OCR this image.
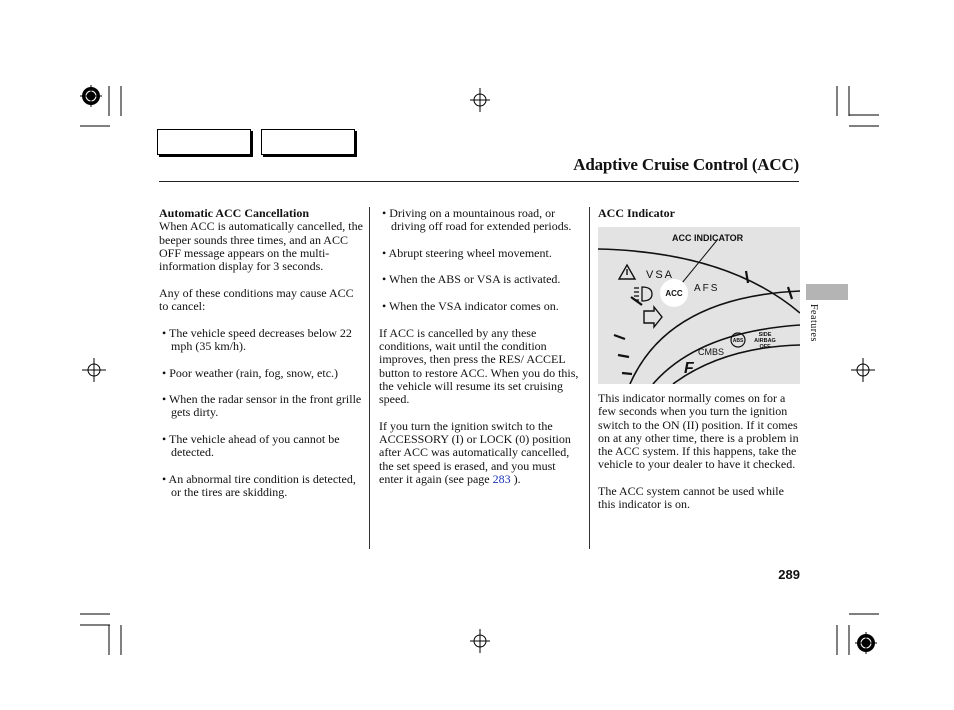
Adaptive Cruise Control (ACC)
Automatic ACC Cancellation

When ACC is automatically cancelled, the beeper sounds three times, and an ACC OFF message appears on the multi-information display for 3 seconds.

Any of these conditions may cause ACC to cancel:

• The vehicle speed decreases below 22 mph (35 km/h).
• Poor weather (rain, fog, snow, etc.)
• When the radar sensor in the front grille gets dirty.
• The vehicle ahead of you cannot be detected.
• An abnormal tire condition is detected, or the tires are skidding.
• Driving on a mountainous road, or driving off road for extended periods.
• Abrupt steering wheel movement.
• When the ABS or VSA is activated.
• When the VSA indicator comes on.

If ACC is cancelled by any these conditions, wait until the condition improves, then press the RES/ ACCEL button to restore ACC. When you do this, the vehicle will resume its set cruising speed.

If you turn the ignition switch to the ACCESSORY (I) or LOCK (0) position after ACC was automatically cancelled, the set speed is erased, and you must enter it again (see page 283 ).

ACC Indicator
ACC INDICATOR
VSA
AFS
ACC
CMBS
ABS
SIDE
AIRBAG
OFF
F

This indicator normally comes on for a few seconds when you turn the ignition switch to the ON (II) position. If it comes on at any other time, there is a problem in the ACC system. If this happens, take the vehicle to your dealer to have it checked.

The ACC system cannot be used while this indicator is on.

Features
289
